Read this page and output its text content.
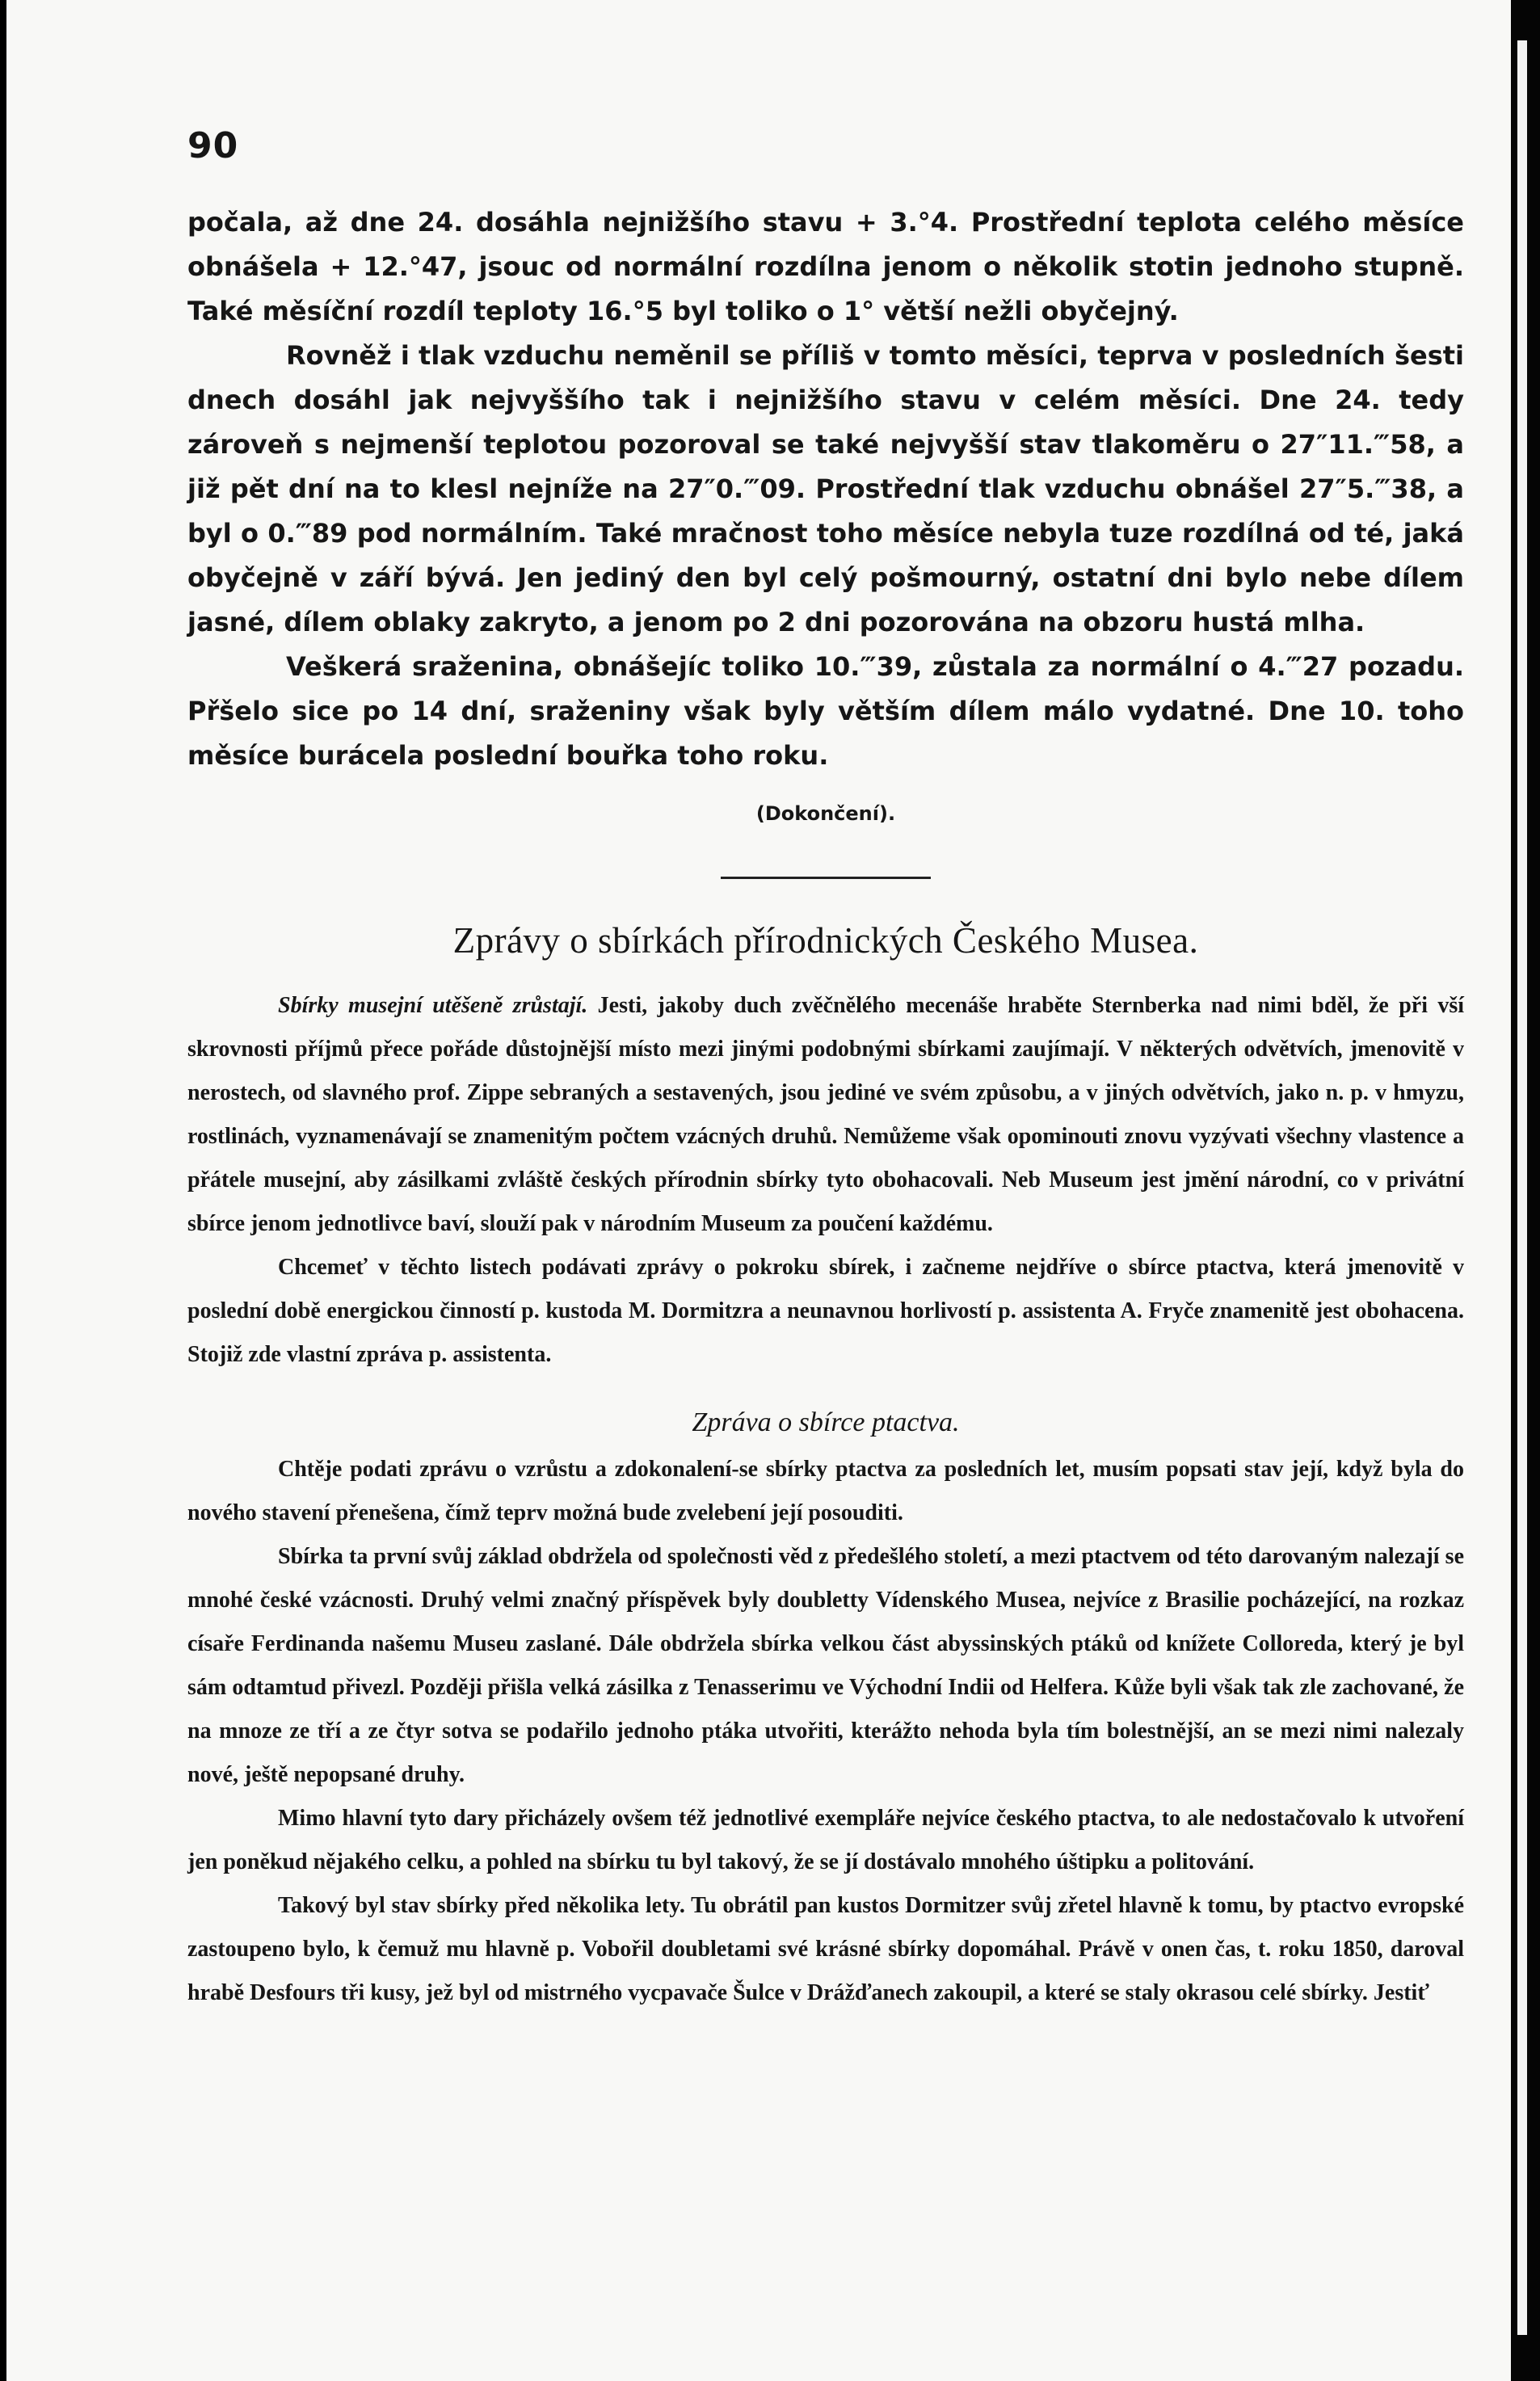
90

počala, až dne 24. dosáhla nejnižšího stavu + 3.°4. Prostřední teplota celého měsíce obnášela + 12.°47, jsouc od normální rozdílna jenom o několik stotin jednoho stupně. Také měsíční rozdíl teploty 16.°5 byl toliko o 1° větší nežli obyčejný.

Rovněž i tlak vzduchu neměnil se příliš v tomto měsíci, teprva v posledních šesti dnech dosáhl jak nejvyššího tak i nejnižšího stavu v celém měsíci. Dne 24. tedy zároveň s nejmenší teplotou pozoroval se také nejvyšší stav tlakoměru o 27″11.‴58, a již pět dní na to klesl nejníže na 27″0.‴09. Prostřední tlak vzduchu obnášel 27″5.‴38, a byl o 0.‴89 pod normálním. Také mračnost toho měsíce nebyla tuze rozdílná od té, jaká obyčejně v září bývá. Jen jediný den byl celý pošmourný, ostatní dni bylo nebe dílem jasné, dílem oblaky zakryto, a jenom po 2 dni pozorována na obzoru hustá mlha.

Veškerá sraženina, obnášejíc toliko 10.‴39, zůstala za normální o 4.‴27 pozadu. Přšelo sice po 14 dní, sraženiny však byly větším dílem málo vydatné. Dne 10. toho měsíce burácela poslední bouřka toho roku.

(Dokončení).
Zprávy o sbírkách přírodnických Českého Musea.

Sbírky musejní utěšeně zrůstají. Jesti, jakoby duch zvěčnělého mecenáše hraběte Sternberka nad nimi bděl, že při vší skrovnosti příjmů přece pořáde důstojnější místo mezi jinými podobnými sbírkami zaujímají. V některých odvětvích, jmenovitě v nerostech, od slavného prof. Zippe sebraných a sestavených, jsou jediné ve svém způsobu, a v jiných odvětvích, jako n. p. v hmyzu, rostlinách, vyznamenávají se znamenitým počtem vzácných druhů. Nemůžeme však opominouti znovu vyzývati všechny vlastence a přátele musejní, aby zásilkami zvláště českých přírodnin sbírky tyto obohacovali. Neb Museum jest jmění národní, co v privátní sbírce jenom jednotlivce baví, slouží pak v národním Museum za poučení každému.

Chcemeť v těchto listech podávati zprávy o pokroku sbírek, i začneme nejdříve o sbírce ptactva, která jmenovitě v poslední době energickou činností p. kustoda M. Dormitzra a neunavnou horlivostí p. assistenta A. Fryče znamenitě jest obohacena. Stojiž zde vlastní zpráva p. assistenta.

Zpráva o sbírce ptactva.

Chtěje podati zprávu o vzrůstu a zdokonalení-se sbírky ptactva za posledních let, musím popsati stav její, když byla do nového stavení přenešena, čímž teprv možná bude zvelebení její posouditi.

Sbírka ta první svůj základ obdržela od společnosti věd z předešlého století, a mezi ptactvem od této darovaným nalezají se mnohé české vzácnosti. Druhý velmi značný příspěvek byly doubletty Vídenského Musea, nejvíce z Brasilie pocházející, na rozkaz císaře Ferdinanda našemu Museu zaslané. Dále obdržela sbírka velkou část abyssinských ptáků od knížete Colloreda, který je byl sám odtamtud přivezl. Později přišla velká zásilka z Tenasserimu ve Východní Indii od Helfera. Kůže byli však tak zle zachované, že na mnoze ze tří a ze čtyr sotva se podařilo jednoho ptáka utvořiti, kterážto nehoda byla tím bolestnější, an se mezi nimi nalezaly nové, ještě nepopsané druhy.

Mimo hlavní tyto dary přicházely ovšem též jednotlivé exempláře nejvíce českého ptactva, to ale nedostačovalo k utvoření jen poněkud nějakého celku, a pohled na sbírku tu byl takový, že se jí dostávalo mnohého úštipku a politování.

Takový byl stav sbírky před několika lety. Tu obrátil pan kustos Dormitzer svůj zřetel hlavně k tomu, by ptactvo evropské zastoupeno bylo, k čemuž mu hlavně p. Vobořil doubletami své krásné sbírky dopomáhal. Právě v onen čas, t. roku 1850, daroval hrabě Desfours tři kusy, jež byl od mistrného vycpavače Šulce v Drážďanech zakoupil, a které se staly okrasou celé sbírky. Jestiť
